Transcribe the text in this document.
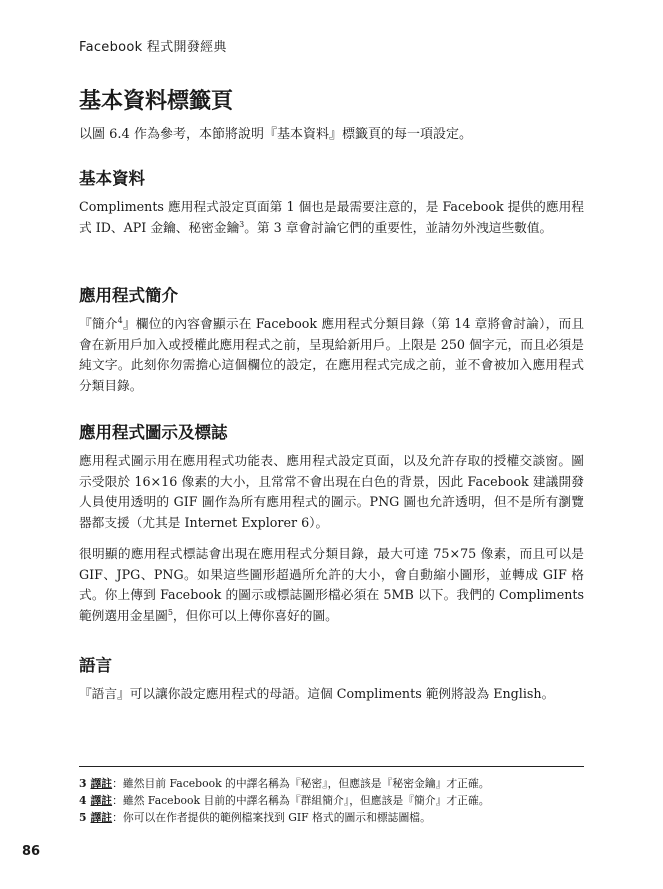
Facebook 程式開發經典
基本資料標籤頁

以圖 6.4 作為參考，本節將說明『基本資料』標籤頁的每一項設定。

基本資料

Compliments 應用程式設定頁面第 1 個也是最需要注意的，是 Facebook 提供的應用程式 ID、API 金鑰、秘密金鑰$^3$。第 3 章會討論它們的重要性，並請勿外洩這些數值。

應用程式簡介

『簡介$^4$』欄位的內容會顯示在 Facebook 應用程式分類目錄（第 14 章將會討論），而且會在新用戶加入或授權此應用程式之前，呈現給新用戶。上限是 250 個字元，而且必須是純文字。此刻你勿需擔心這個欄位的設定，在應用程式完成之前，並不會被加入應用程式分類目錄。

應用程式圖示及標誌

應用程式圖示用在應用程式功能表、應用程式設定頁面，以及允許存取的授權交談窗。圖示受限於 16×16 像素的大小，且常常不會出現在白色的背景，因此 Facebook 建議開發人員使用透明的 GIF 圖作為所有應用程式的圖示。PNG 圖也允許透明，但不是所有瀏覽器都支援（尤其是 Internet Explorer 6）。

很明顯的應用程式標誌會出現在應用程式分類目錄，最大可達 75×75 像素，而且可以是 GIF、JPG、PNG。如果這些圖形超過所允許的大小，會自動縮小圖形，並轉成 GIF 格式。你上傳到 Facebook 的圖示或標誌圖形檔必須在 5MB 以下。我們的 Compliments 範例選用金星圖$^5$，但你可以上傳你喜好的圖。

語言

『語言』可以讓你設定應用程式的母語。這個 Compliments 範例將設為 English。

3 譯註：雖然目前 Facebook 的中譯名稱為『秘密』，但應該是『秘密金鑰』才正確。
4 譯註：雖然 Facebook 目前的中譯名稱為『群組簡介』，但應該是『簡介』才正確。
5 譯註：你可以在作者提供的範例檔案找到 GIF 格式的圖示和標誌圖檔。
86
